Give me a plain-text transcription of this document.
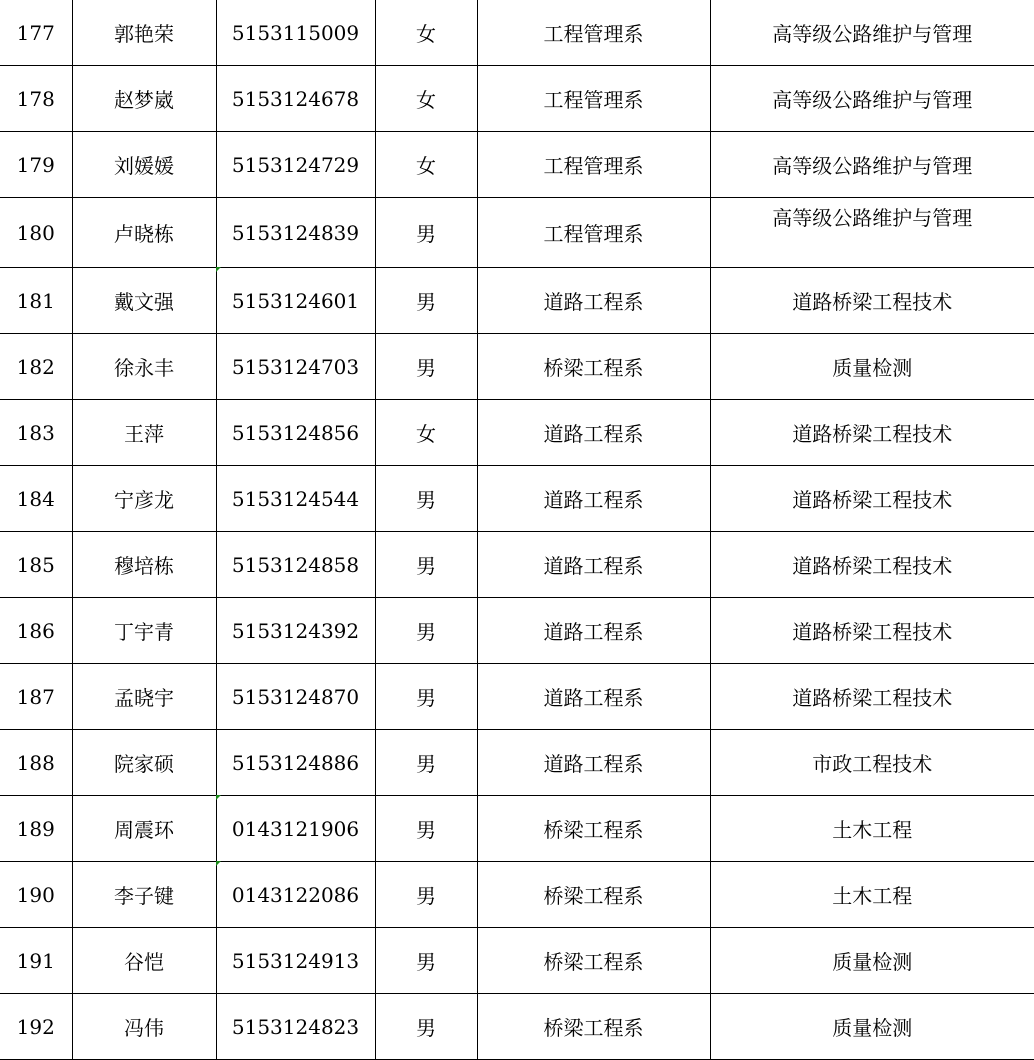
177	郭艳荣	5153115009	女	工程管理系	高等级公路维护与管理
178	赵梦崴	5153124678	女	工程管理系	高等级公路维护与管理
179	刘媛媛	5153124729	女	工程管理系	高等级公路维护与管理
180	卢晓栋	5153124839	男	工程管理系	高等级公路维护与管理
181	戴文强	5153124601	男	道路工程系	道路桥梁工程技术
182	徐永丰	5153124703	男	桥梁工程系	质量检测
183	王萍	5153124856	女	道路工程系	道路桥梁工程技术
184	宁彦龙	5153124544	男	道路工程系	道路桥梁工程技术
185	穆培栋	5153124858	男	道路工程系	道路桥梁工程技术
186	丁宇青	5153124392	男	道路工程系	道路桥梁工程技术
187	孟晓宇	5153124870	男	道路工程系	道路桥梁工程技术
188	院家硕	5153124886	男	道路工程系	市政工程技术
189	周震环	0143121906	男	桥梁工程系	土木工程
190	李子键	0143122086	男	桥梁工程系	土木工程
191	谷恺	5153124913	男	桥梁工程系	质量检测
192	冯伟	5153124823	男	桥梁工程系	质量检测
